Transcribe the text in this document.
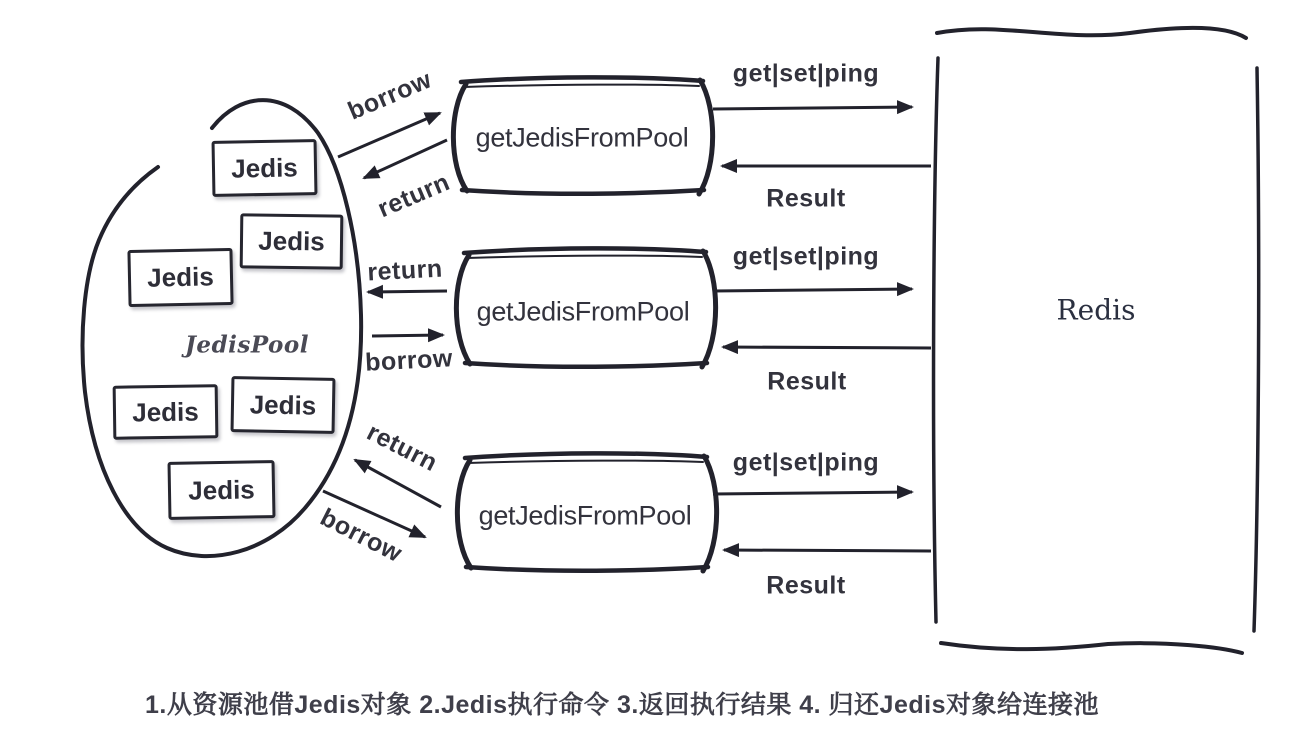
Jedis
Jedis
Jedis
Jedis Jedis
Jedis
JedisPool
getJedisFromPool
getJedisFromPool
getJedisFromPool
Redis
borrow
return
return
borrow
return
borrow
get|set|ping
Result
get|set|ping
Result
get|set|ping
Result
1.从资源池借Jedis对象 2.Jedis执行命令 3.返回执行结果 4. 归还Jedis对象给连接池
